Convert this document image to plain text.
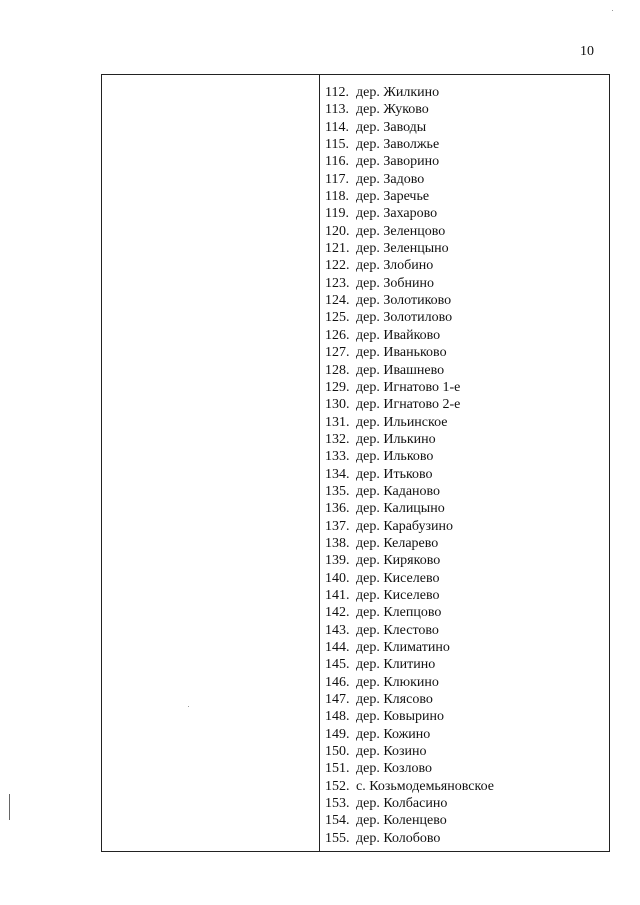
10
112. дер. Жилкино
113. дер. Жуково
114. дер. Заводы
115. дер. Заволжье
116. дер. Заворино
117. дер. Задово
118. дер. Заречье
119. дер. Захарово
120. дер. Зеленцово
121. дер. Зеленцыно
122. дер. Злобино
123. дер. Зобнино
124. дер. Золотиково
125. дер. Золотилово
126. дер. Ивайково
127. дер. Иваньково
128. дер. Ивашнево
129. дер. Игнатово 1-е
130. дер. Игнатово 2-е
131. дер. Ильинское
132. дер. Илькино
133. дер. Ильково
134. дер. Итьково
135. дер. Каданово
136. дер. Калицыно
137. дер. Карабузино
138. дер. Келарево
139. дер. Киряково
140. дер. Киселево
141. дер. Киселево
142. дер. Клепцово
143. дер. Клестово
144. дер. Климатино
145. дер. Клитино
146. дер. Клюкино
147. дер. Клясово
148. дер. Ковырино
149. дер. Кожино
150. дер. Козино
151. дер. Козлово
152. с. Козьмодемьяновское
153. дер. Колбасино
154. дер. Коленцево
155. дер. Колобово
